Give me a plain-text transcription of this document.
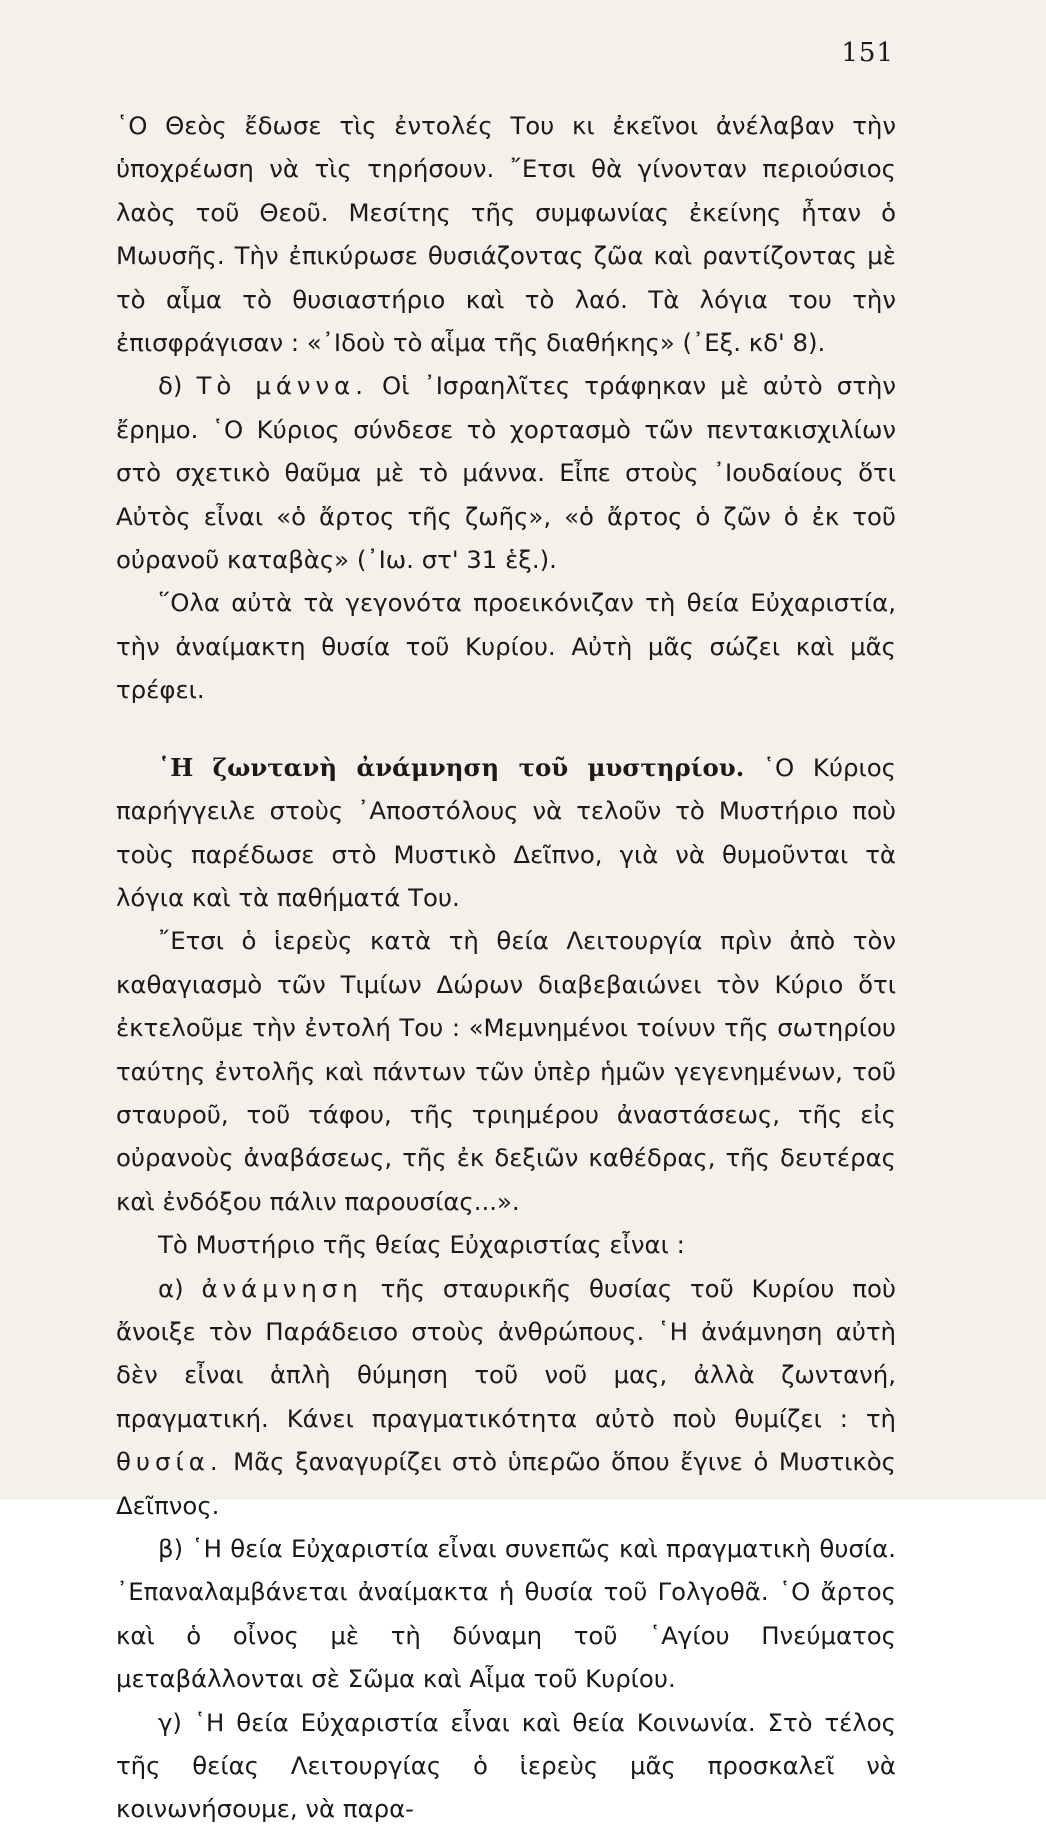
151

῾Ο Θεὸς ἔδωσε τὶς ἐντολές Του κι ἐκεῖνοι ἀνέλαβαν τὴν ὑποχρέωση νὰ τὶς τηρήσουν. ῎Ετσι θὰ γίνονταν περιούσιος λαὸς τοῦ Θεοῦ. Μεσίτης τῆς συμφωνίας ἐκείνης ἦταν ὁ Μωυσῆς. Τὴν ἐπικύρωσε θυσιάζοντας ζῶα καὶ ραντίζοντας μὲ τὸ αἷμα τὸ θυσιαστήριο καὶ τὸ λαό. Τὰ λόγια του τὴν ἐπισφράγισαν : «᾿Ιδοὺ τὸ αἷμα τῆς διαθήκης» (᾿Εξ. κδ' 8).

δ) Τὸ μάννα. Οἱ ᾿Ισραηλῖτες τράφηκαν μὲ αὐτὸ στὴν ἔρημο. ῾Ο Κύριος σύνδεσε τὸ χορτασμὸ τῶν πεντακισχιλίων στὸ σχετικὸ θαῦμα μὲ τὸ μάννα. Εἶπε στοὺς ᾿Ιουδαίους ὅτι Αὐτὸς εἶναι «ὁ ἄρτος τῆς ζωῆς», «ὁ ἄρτος ὁ ζῶν ὁ ἐκ τοῦ οὐρανοῦ καταβὰς» (᾿Ιω. στ' 31 ἑξ.).

῞Ολα αὐτὰ τὰ γεγονότα προεικόνιζαν τὴ θεία Εὐχαριστία, τὴν ἀναίμακτη θυσία τοῦ Κυρίου. Αὐτὴ μᾶς σώζει καὶ μᾶς τρέφει.

῾Η ζωντανὴ ἀνάμνηση τοῦ μυστηρίου. ῾Ο Κύριος παρήγγειλε στοὺς ᾿Αποστόλους νὰ τελοῦν τὸ Μυστήριο ποὺ τοὺς παρέδωσε στὸ Μυστικὸ Δεῖπνο, γιὰ νὰ θυμοῦνται τὰ λόγια καὶ τὰ παθήματά Του.

῎Ετσι ὁ ἱερεὺς κατὰ τὴ θεία Λειτουργία πρὶν ἀπὸ τὸν καθαγιασμὸ τῶν Τιμίων Δώρων διαβεβαιώνει τὸν Κύριο ὅτι ἐκτελοῦμε τὴν ἐντολή Του : «Μεμνημένοι τοίνυν τῆς σωτηρίου ταύτης ἐντολῆς καὶ πάντων τῶν ὑπὲρ ἡμῶν γεγενημένων, τοῦ σταυροῦ, τοῦ τάφου, τῆς τριημέρου ἀναστάσεως, τῆς εἰς οὐρανοὺς ἀναβάσεως, τῆς ἐκ δεξιῶν καθέδρας, τῆς δευτέρας καὶ ἐνδόξου πάλιν παρουσίας...».

Τὸ Μυστήριο τῆς θείας Εὐχαριστίας εἶναι :

α) ἀνάμνηση τῆς σταυρικῆς θυσίας τοῦ Κυρίου ποὺ ἄνοιξε τὸν Παράδεισο στοὺς ἀνθρώπους. ῾Η ἀνάμνηση αὐτὴ δὲν εἶναι ἁπλὴ θύμηση τοῦ νοῦ μας, ἀλλὰ ζωντανή, πραγματική. Κάνει πραγματικότητα αὐτὸ ποὺ θυμίζει : τὴ θυσία. Μᾶς ξαναγυρίζει στὸ ὑπερῶο ὅπου ἔγινε ὁ Μυστικὸς Δεῖπνος.

β) ῾Η θεία Εὐχαριστία εἶναι συνεπῶς καὶ πραγματικὴ θυσία. ᾿Επαναλαμβάνεται ἀναίμακτα ἡ θυσία τοῦ Γολγοθᾶ. ῾Ο ἄρτος καὶ ὁ οἶνος μὲ τὴ δύναμη τοῦ ῾Αγίου Πνεύματος μεταβάλλονται σὲ Σῶμα καὶ Αἷμα τοῦ Κυρίου.

γ) ῾Η θεία Εὐχαριστία εἶναι καὶ θεία Κοινωνία. Στὸ τέλος τῆς θείας Λειτουργίας ὁ ἱερεὺς μᾶς προσκαλεῖ νὰ κοινωνήσουμε, νὰ παρα-
